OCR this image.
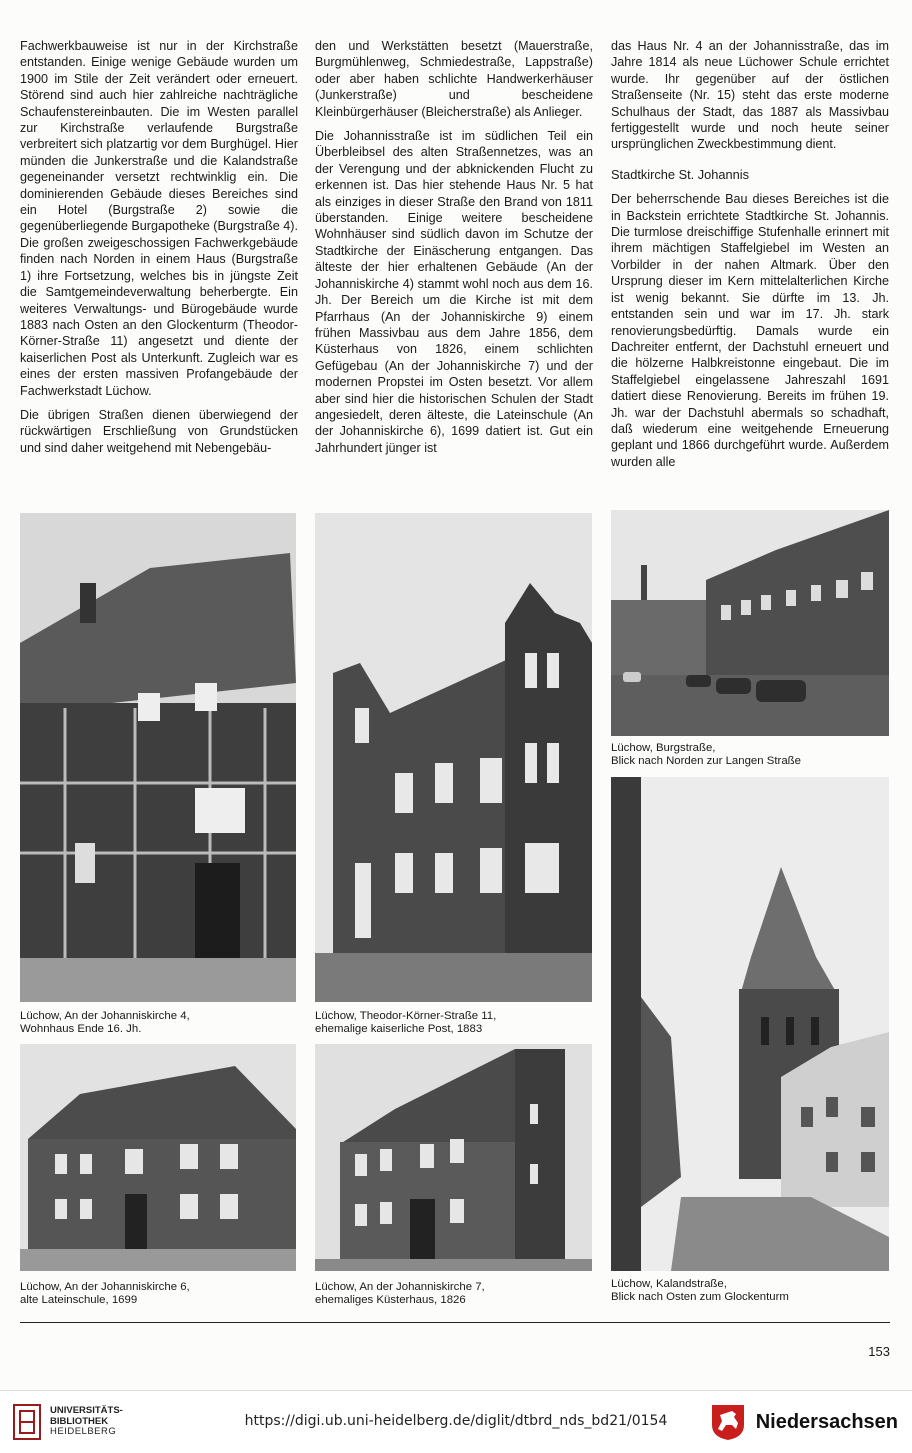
Fachwerkbauweise ist nur in der Kirchstraße entstanden. Einige wenige Gebäude wurden um 1900 im Stile der Zeit verändert oder erneuert. Störend sind auch hier zahlreiche nachträgliche Schaufenstereinbauten. Die im Westen parallel zur Kirchstraße verlaufende Burgstraße verbreitert sich platzartig vor dem Burghügel. Hier münden die Junkerstraße und die Kalandstraße gegeneinander versetzt rechtwinklig ein. Die dominierenden Gebäude dieses Bereiches sind ein Hotel (Burgstraße 2) sowie die gegenüberliegende Burgapotheke (Burgstraße 4). Die großen zweigeschossigen Fachwerkgebäude finden nach Norden in einem Haus (Burgstraße 1) ihre Fortsetzung, welches bis in jüngste Zeit die Samtgemeindeverwaltung beherbergte. Ein weiteres Verwaltungs- und Bürogebäude wurde 1883 nach Osten an den Glockenturm (Theodor-Körner-Straße 11) angesetzt und diente der kaiserlichen Post als Unterkunft. Zugleich war es eines der ersten massiven Profangebäude der Fachwerkstadt Lüchow.

Die übrigen Straßen dienen überwiegend der rückwärtigen Erschließung von Grundstücken und sind daher weitgehend mit Nebengebäu-

den und Werkstätten besetzt (Mauerstraße, Burgmühlenweg, Schmiedestraße, Lappstraße) oder aber haben schlichte Handwerkerhäuser (Junkerstraße) und bescheidene Kleinbürgerhäuser (Bleicherstraße) als Anlieger.

Die Johannisstraße ist im südlichen Teil ein Überbleibsel des alten Straßennetzes, was an der Verengung und der abknickenden Flucht zu erkennen ist. Das hier stehende Haus Nr. 5 hat als einziges in dieser Straße den Brand von 1811 überstanden. Einige weitere bescheidene Wohnhäuser sind südlich davon im Schutze der Stadtkirche der Einäscherung entgangen. Das älteste der hier erhaltenen Gebäude (An der Johanniskirche 4) stammt wohl noch aus dem 16. Jh. Der Bereich um die Kirche ist mit dem Pfarrhaus (An der Johanniskirche 9) einem frühen Massivbau aus dem Jahre 1856, dem Küsterhaus von 1826, einem schlichten Gefügebau (An der Johanniskirche 7) und der modernen Propstei im Osten besetzt. Vor allem aber sind hier die historischen Schulen der Stadt angesiedelt, deren älteste, die Lateinschule (An der Johanniskirche 6), 1699 datiert ist. Gut ein Jahrhundert jünger ist

das Haus Nr. 4 an der Johannisstraße, das im Jahre 1814 als neue Lüchower Schule errichtet wurde. Ihr gegenüber auf der östlichen Straßenseite (Nr. 15) steht das erste moderne Schulhaus der Stadt, das 1887 als Massivbau fertiggestellt wurde und noch heute seiner ursprünglichen Zweckbestimmung dient.

Stadtkirche St. Johannis

Der beherrschende Bau dieses Bereiches ist die in Backstein errichtete Stadtkirche St. Johannis. Die turmlose dreischiffige Stufenhalle erinnert mit ihrem mächtigen Staffelgiebel im Westen an Vorbilder in der nahen Altmark. Über den Ursprung dieser im Kern mittelalterlichen Kirche ist wenig bekannt. Sie dürfte im 13. Jh. entstanden sein und war im 17. Jh. stark renovierungsbedürftig. Damals wurde ein Dachreiter entfernt, der Dachstuhl erneuert und die hölzerne Halbkreistonne eingebaut. Die im Staffelgiebel eingelassene Jahreszahl 1691 datiert diese Renovierung. Bereits im frühen 19. Jh. war der Dachstuhl abermals so schadhaft, daß wiederum eine weitgehende Erneuerung geplant und 1866 durchgeführt wurde. Außerdem wurden alle

Lüchow, An der Johanniskirche 4,
Wohnhaus Ende 16. Jh.
Lüchow, Theodor-Körner-Straße 11,
ehemalige kaiserliche Post, 1883
Lüchow, Burgstraße,
Blick nach Norden zur Langen Straße
Lüchow, An der Johanniskirche 6,
alte Lateinschule, 1699
Lüchow, An der Johanniskirche 7,
ehemaliges Küsterhaus, 1826
Lüchow, Kalandstraße,
Blick nach Osten zum Glockenturm
153
UNIVERSITÄTS-
BIBLIOTHEK
HEIDELBERG
https://digi.ub.uni-heidelberg.de/diglit/dtbrd_nds_bd21/0154	Niedersachsen
